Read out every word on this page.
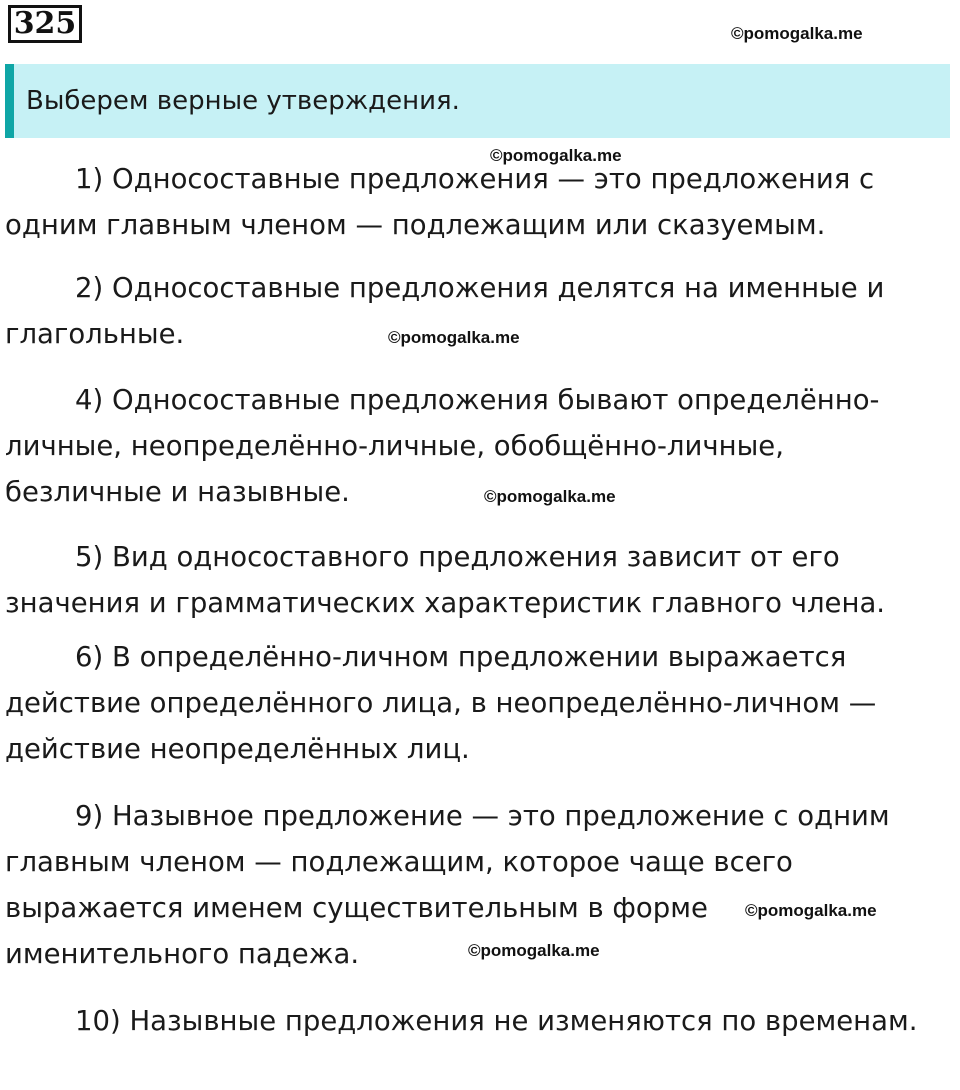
325	©pomogalka.me
Выберем верные утверждения.
©pomogalka.me

1) Односоставные предложения — это предложения с одним главным членом — подлежащим или сказуемым.

2) Односоставные предложения делятся на именные и глагольные.	©pomogalka.me

4) Односоставные предложения бывают определённо-личные, неопределённо-личные, обобщённо-личные, безличные и назывные.	©pomogalka.me

5) Вид односоставного предложения зависит от его значения и грамматических характеристик главного члена.

6) В определённо-личном предложении выражается действие определённого лица, в неопределённо-личном — действие неопределённых лиц.

9) Назывное предложение — это предложение с одним главным членом — подлежащим, которое чаще всего выражается именем существительным в форме именительного падежа.

©pomogalka.me
©pomogalka.me

10) Назывные предложения не изменяются по временам.
